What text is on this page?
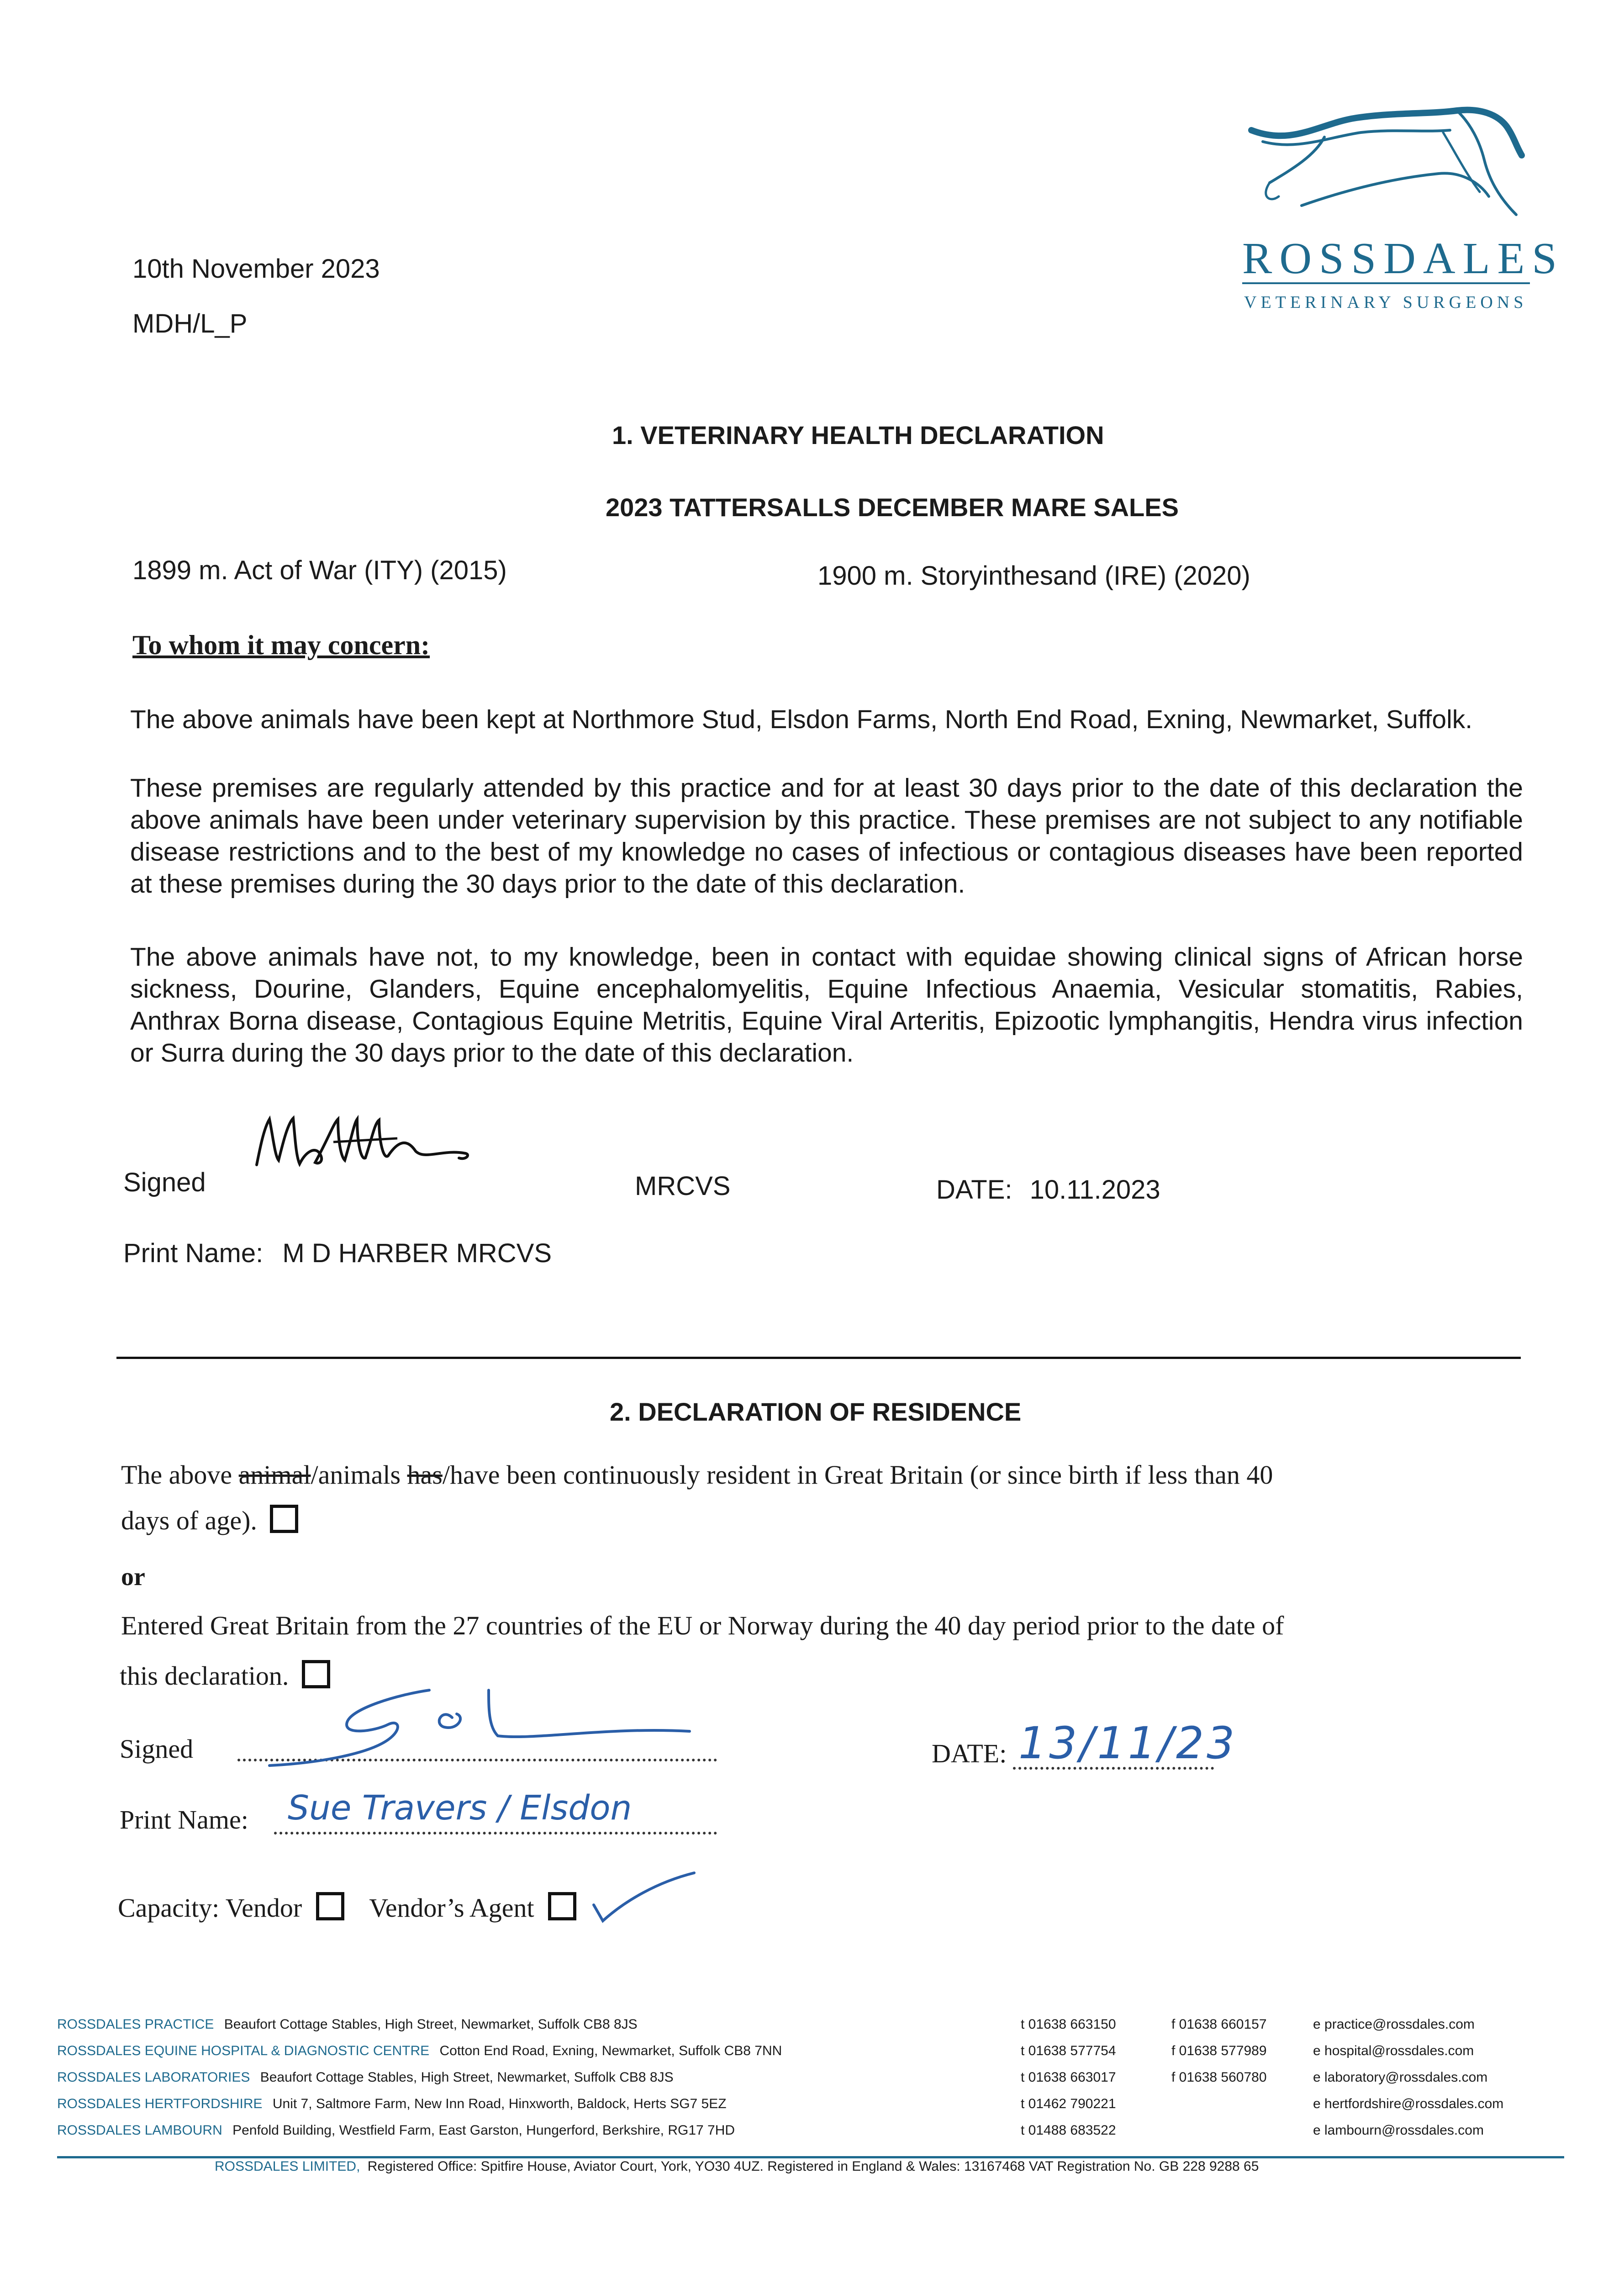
10th November 2023
MDH/L_P
ROSSDALES
VETERINARY SURGEONS
1. VETERINARY HEALTH DECLARATION
2023 TATTERSALLS DECEMBER MARE SALES
1899 m. Act of War (ITY) (2015)	1900 m. Storyinthesand (IRE) (2020)
To whom it may concern:
The above animals have been kept at Northmore Stud, Elsdon Farms, North End Road, Exning, Newmarket, Suffolk.
These premises are regularly attended by this practice and for at least 30 days prior to the date of this declaration the above animals have been under veterinary supervision by this practice. These premises are not subject to any notifiable disease restrictions and to the best of my knowledge no cases of infectious or contagious diseases have been reported at these premises during the 30 days prior to the date of this declaration.
The above animals have not, to my knowledge, been in contact with equidae showing clinical signs of African horse sickness, Dourine, Glanders, Equine encephalomyelitis, Equine Infectious Anaemia, Vesicular stomatitis, Rabies, Anthrax Borna disease, Contagious Equine Metritis, Equine Viral Arteritis, Epizootic lymphangitis, Hendra virus infection or Surra during the 30 days prior to the date of this declaration.
Signed	MRCVS	DATE: 10.11.2023
Print Name: M D HARBER MRCVS
2. DECLARATION OF RESIDENCE
The above animal/animals has/have been continuously resident in Great Britain (or since birth if less than 40
days of age).
or
Entered Great Britain from the 27 countries of the EU or Norway during the 40 day period prior to the date of
this declaration.
Signed	DATE: 13/11/23
Print Name: Sue Travers / Elsdon
Capacity: Vendor	Vendor’s Agent
ROSSDALES PRACTICE Beaufort Cottage Stables, High Street, Newmarket, Suffolk CB8 8JS	t 01638 663150	f 01638 660157	e practice@rossdales.com
ROSSDALES EQUINE HOSPITAL & DIAGNOSTIC CENTRE Cotton End Road, Exning, Newmarket, Suffolk CB8 7NN	t 01638 577754	f 01638 577989	e hospital@rossdales.com
ROSSDALES LABORATORIES Beaufort Cottage Stables, High Street, Newmarket, Suffolk CB8 8JS	t 01638 663017	f 01638 560780	e laboratory@rossdales.com
ROSSDALES HERTFORDSHIRE Unit 7, Saltmore Farm, New Inn Road, Hinxworth, Baldock, Herts SG7 5EZ	t 01462 790221	e hertfordshire@rossdales.com
ROSSDALES LAMBOURN Penfold Building, Westfield Farm, East Garston, Hungerford, Berkshire, RG17 7HD	t 01488 683522	e lambourn@rossdales.com
ROSSDALES LIMITED, Registered Office: Spitfire House, Aviator Court, York, YO30 4UZ. Registered in England & Wales: 13167468 VAT Registration No. GB 228 9288 65
